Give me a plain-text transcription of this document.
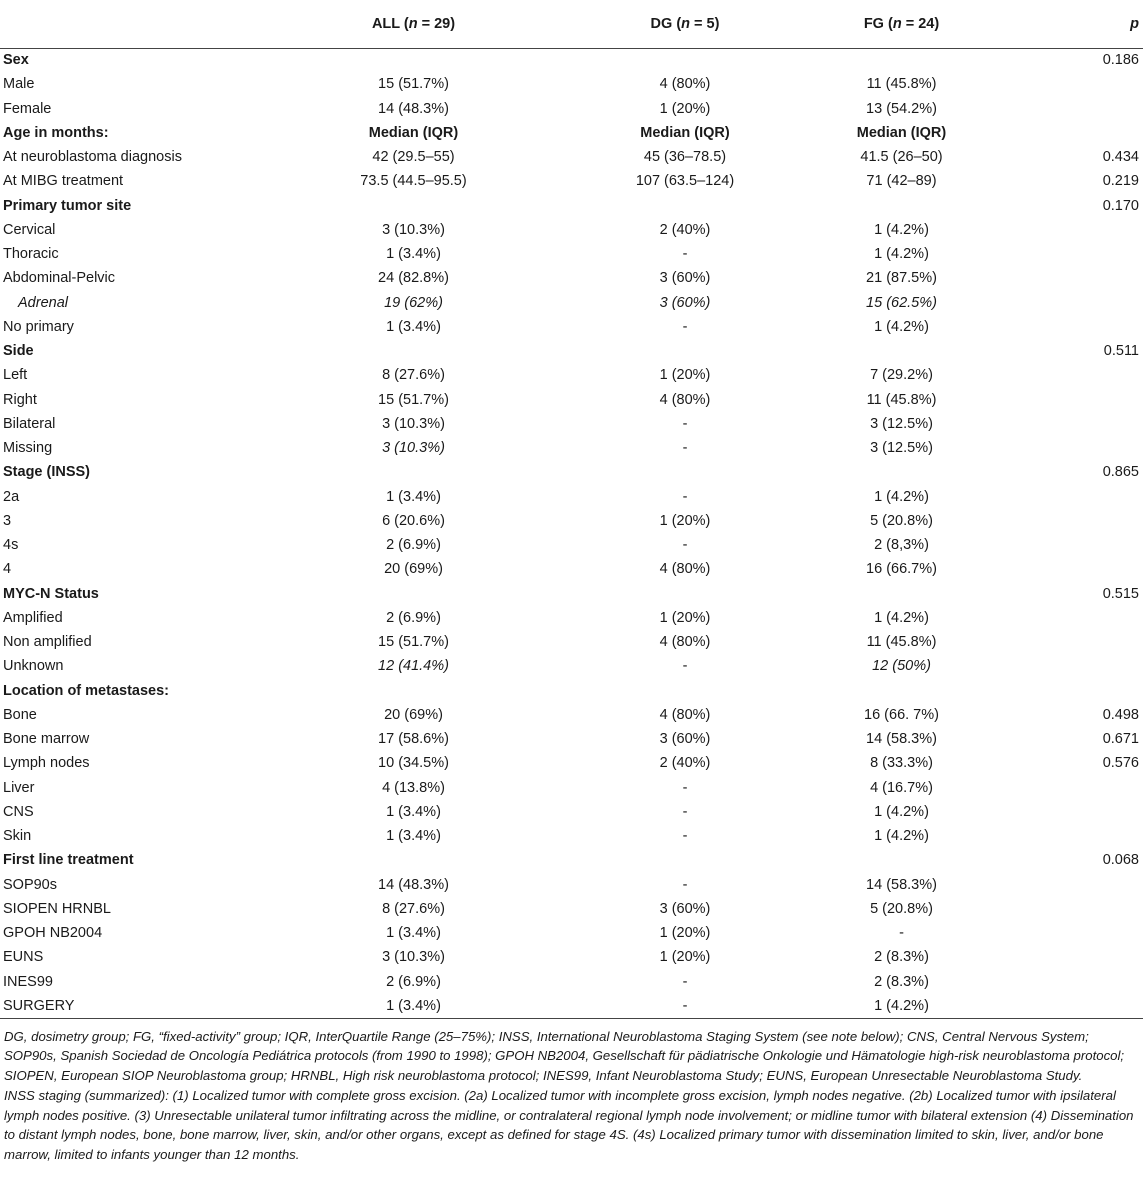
	ALL (n = 29)	DG (n = 5)	FG (n = 24)	p
Sex				0.186
Male	15 (51.7%)	4 (80%)	11 (45.8%)	
Female	14 (48.3%)	1 (20%)	13 (54.2%)	
Age in months:	Median (IQR)	Median (IQR)	Median (IQR)	
At neuroblastoma diagnosis	42 (29.5–55)	45 (36–78.5)	41.5 (26–50)	0.434
At MIBG treatment	73.5 (44.5–95.5)	107 (63.5–124)	71 (42–89)	0.219
Primary tumor site				0.170
Cervical	3 (10.3%)	2 (40%)	1 (4.2%)	
Thoracic	1 (3.4%)	-	1 (4.2%)	
Abdominal-Pelvic	24 (82.8%)	3 (60%)	21 (87.5%)	
Adrenal	19 (62%)	3 (60%)	15 (62.5%)	
No primary	1 (3.4%)	-	1 (4.2%)	
Side				0.511
Left	8 (27.6%)	1 (20%)	7 (29.2%)	
Right	15 (51.7%)	4 (80%)	11 (45.8%)	
Bilateral	3 (10.3%)	-	3 (12.5%)	
Missing	3 (10.3%)	-	3 (12.5%)	
Stage (INSS)				0.865
2a	1 (3.4%)	-	1 (4.2%)	
3	6 (20.6%)	1 (20%)	5 (20.8%)	
4s	2 (6.9%)	-	2 (8,3%)	
4	20 (69%)	4 (80%)	16 (66.7%)	
MYC-N Status				0.515
Amplified	2 (6.9%)	1 (20%)	1 (4.2%)	
Non amplified	15 (51.7%)	4 (80%)	11 (45.8%)	
Unknown	12 (41.4%)	-	12 (50%)	
Location of metastases:				
Bone	20 (69%)	4 (80%)	16 (66. 7%)	0.498
Bone marrow	17 (58.6%)	3 (60%)	14 (58.3%)	0.671
Lymph nodes	10 (34.5%)	2 (40%)	8 (33.3%)	0.576
Liver	4 (13.8%)	-	4 (16.7%)	
CNS	1 (3.4%)	-	1 (4.2%)	
Skin	1 (3.4%)	-	1 (4.2%)	
First line treatment				0.068
SOP90s	14 (48.3%)	-	14 (58.3%)	
SIOPEN HRNBL	8 (27.6%)	3 (60%)	5 (20.8%)	
GPOH NB2004	1 (3.4%)	1 (20%)	-	
EUNS	3 (10.3%)	1 (20%)	2 (8.3%)	
INES99	2 (6.9%)	-	2 (8.3%)	
SURGERY	1 (3.4%)	-	1 (4.2%)	

DG, dosimetry group; FG, “fixed-activity” group; IQR, InterQuartile Range (25–75%); INSS, International Neuroblastoma Staging System (see note below); CNS, Central Nervous System; SOP90s, Spanish Sociedad de Oncología Pediátrica protocols (from 1990 to 1998); GPOH NB2004, Gesellschaft für pädiatrische Onkologie und Hämatologie high-risk neuroblastoma protocol; SIOPEN, European SIOP Neuroblastoma group; HRNBL, High risk neuroblastoma protocol; INES99, Infant Neuroblastoma Study; EUNS, European Unresectable Neuroblastoma Study.

INSS staging (summarized): (1) Localized tumor with complete gross excision. (2a) Localized tumor with incomplete gross excision, lymph nodes negative. (2b) Localized tumor with ipsilateral lymph nodes positive. (3) Unresectable unilateral tumor infiltrating across the midline, or contralateral regional lymph node involvement; or midline tumor with bilateral extension (4) Dissemination to distant lymph nodes, bone, bone marrow, liver, skin, and/or other organs, except as defined for stage 4S. (4s) Localized primary tumor with dissemination limited to skin, liver, and/or bone marrow, limited to infants younger than 12 months.
